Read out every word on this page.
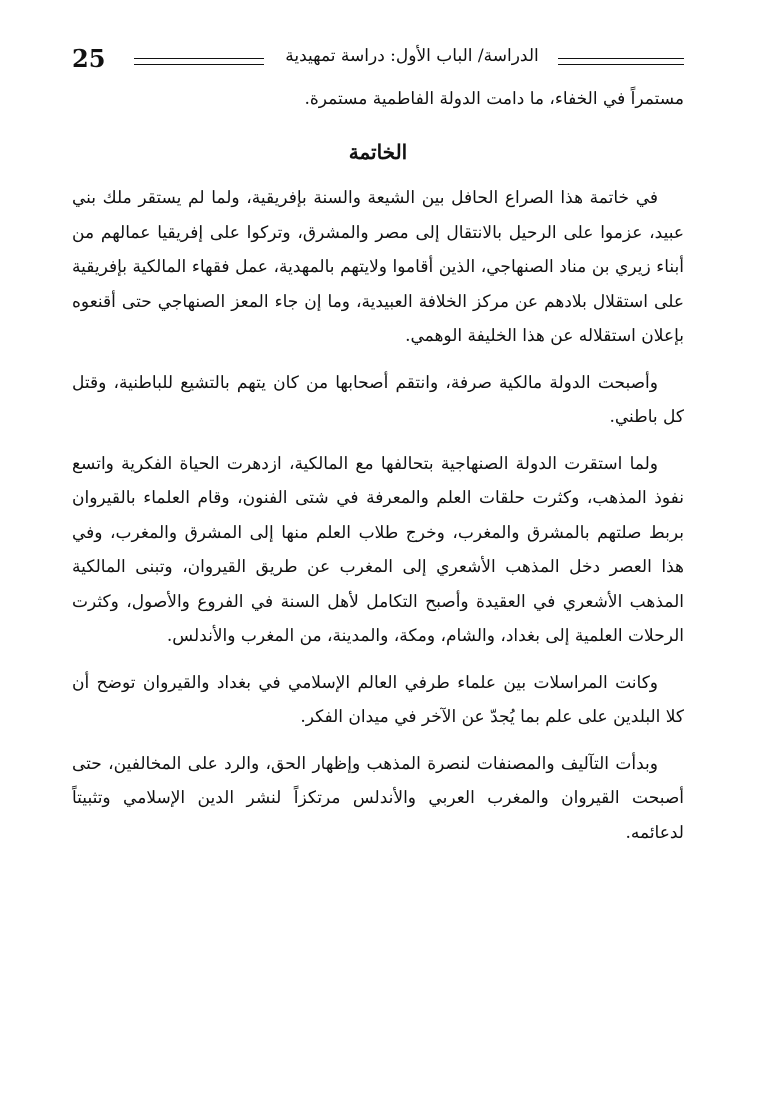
25	الدراسة/ الباب الأول: دراسة تمهيدية

مستمراً في الخفاء، ما دامت الدولة الفاطمية مستمرة.

الخاتمة

في خاتمة هذا الصراع الحافل بين الشيعة والسنة بإفريقية، ولما لم يستقر ملك بني عبيد، عزموا على الرحيل بالانتقال إلى مصر والمشرق، وتركوا على إفريقيا عمالهم من أبناء زيري بن مناد الصنهاجي، الذين أقاموا ولايتهم بالمهدية، عمل فقهاء المالكية بإفريقية على استقلال بلادهم عن مركز الخلافة العبيدية، وما إن جاء المعز الصنهاجي حتى أقنعوه بإعلان استقلاله عن هذا الخليفة الوهمي.

وأصبحت الدولة مالكية صرفة، وانتقم أصحابها من كان يتهم بالتشيع للباطنية، وقتل كل باطني.

ولما استقرت الدولة الصنهاجية بتحالفها مع المالكية، ازدهرت الحياة الفكرية واتسع نفوذ المذهب، وكثرت حلقات العلم والمعرفة في شتى الفنون، وقام العلماء بالقيروان بربط صلتهم بالمشرق والمغرب، وخرج طلاب العلم منها إلى المشرق والمغرب، وفي هذا العصر دخل المذهب الأشعري إلى المغرب عن طريق القيروان، وتبنى المالكية المذهب الأشعري في العقيدة وأصبح التكامل لأهل السنة في الفروع والأصول، وكثرت الرحلات العلمية إلى بغداد، والشام، ومكة، والمدينة، من المغرب والأندلس.

وكانت المراسلات بين علماء طرفي العالم الإسلامي في بغداد والقيروان توضح أن كلا البلدين على علم بما يُجدّ عن الآخر في ميدان الفكر.

وبدأت التآليف والمصنفات لنصرة المذهب وإظهار الحق، والرد على المخالفين، حتى أصبحت القيروان والمغرب العربي والأندلس مرتكزاً لنشر الدين الإسلامي وتثبيتاً لدعائمه.
